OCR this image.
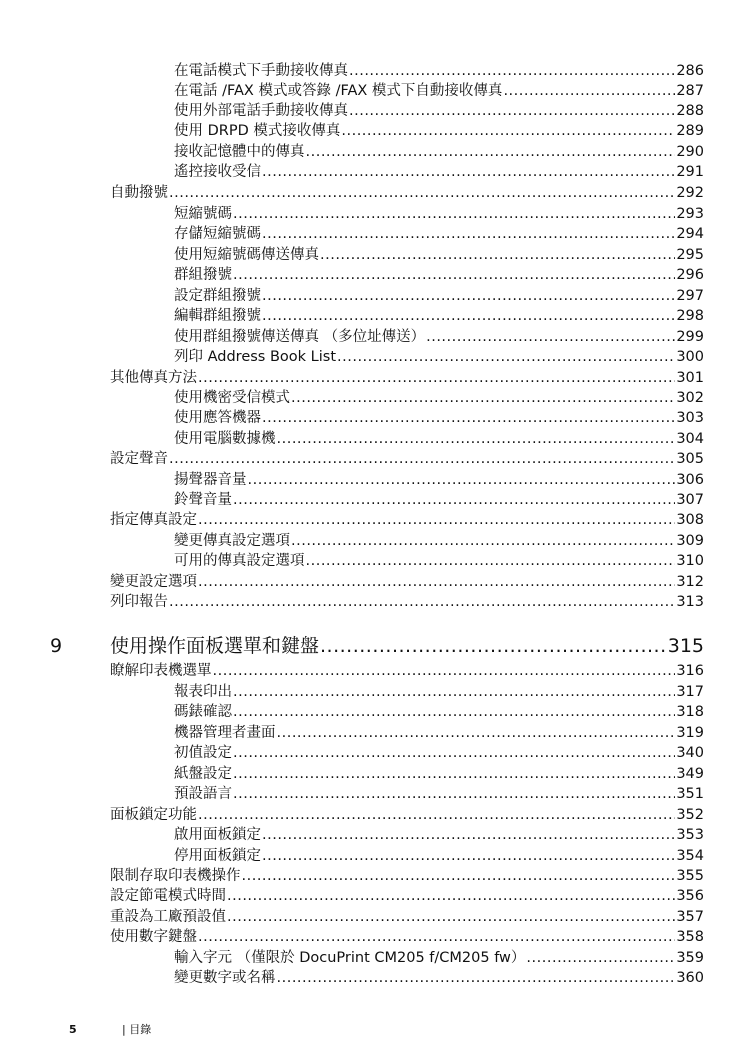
在電話模式下手動接收傳真 .....	286
在電話 /FAX 模式或答錄 /FAX 模式下自動接收傳真 .....	287
使用外部電話手動接收傳真 .....	288
使用 DRPD 模式接收傳真 .....	289
接收記憶體中的傳真 .....	290
遙控接收受信 .....	291
自動撥號 .....	292
短縮號碼 .....	293
存儲短縮號碼 .....	294
使用短縮號碼傳送傳真 .....	295
群組撥號 .....	296
設定群組撥號 .....	297
編輯群組撥號 .....	298
使用群組撥號傳送傳真 （多位址傳送） .....	299
列印 Address Book List .....	300
其他傳真方法 .....	301
使用機密受信模式 .....	302
使用應答機器 .....	303
使用電腦數據機 .....	304
設定聲音 .....	305
揚聲器音量 .....	306
鈴聲音量 .....	307
指定傳真設定 .....	308
變更傳真設定選項 .....	309
可用的傳真設定選項 .....	310
變更設定選項 .....	312
列印報告 .....	313
9	使用操作面板選單和鍵盤 .....	315
瞭解印表機選單 .....	316
報表印出 .....	317
碼錶確認 .....	318
機器管理者畫面 .....	319
初值設定 .....	340
紙盤設定 .....	349
預設語言 .....	351
面板鎖定功能 .....	352
啟用面板鎖定 .....	353
停用面板鎖定 .....	354
限制存取印表機操作 .....	355
設定節電模式時間 .....	356
重設為工廠預設值 .....	357
使用數字鍵盤 .....	358
輸入字元 （僅限於 DocuPrint CM205 f/CM205 fw） .....	359
變更數字或名稱 .....	360
5	| 目錄
